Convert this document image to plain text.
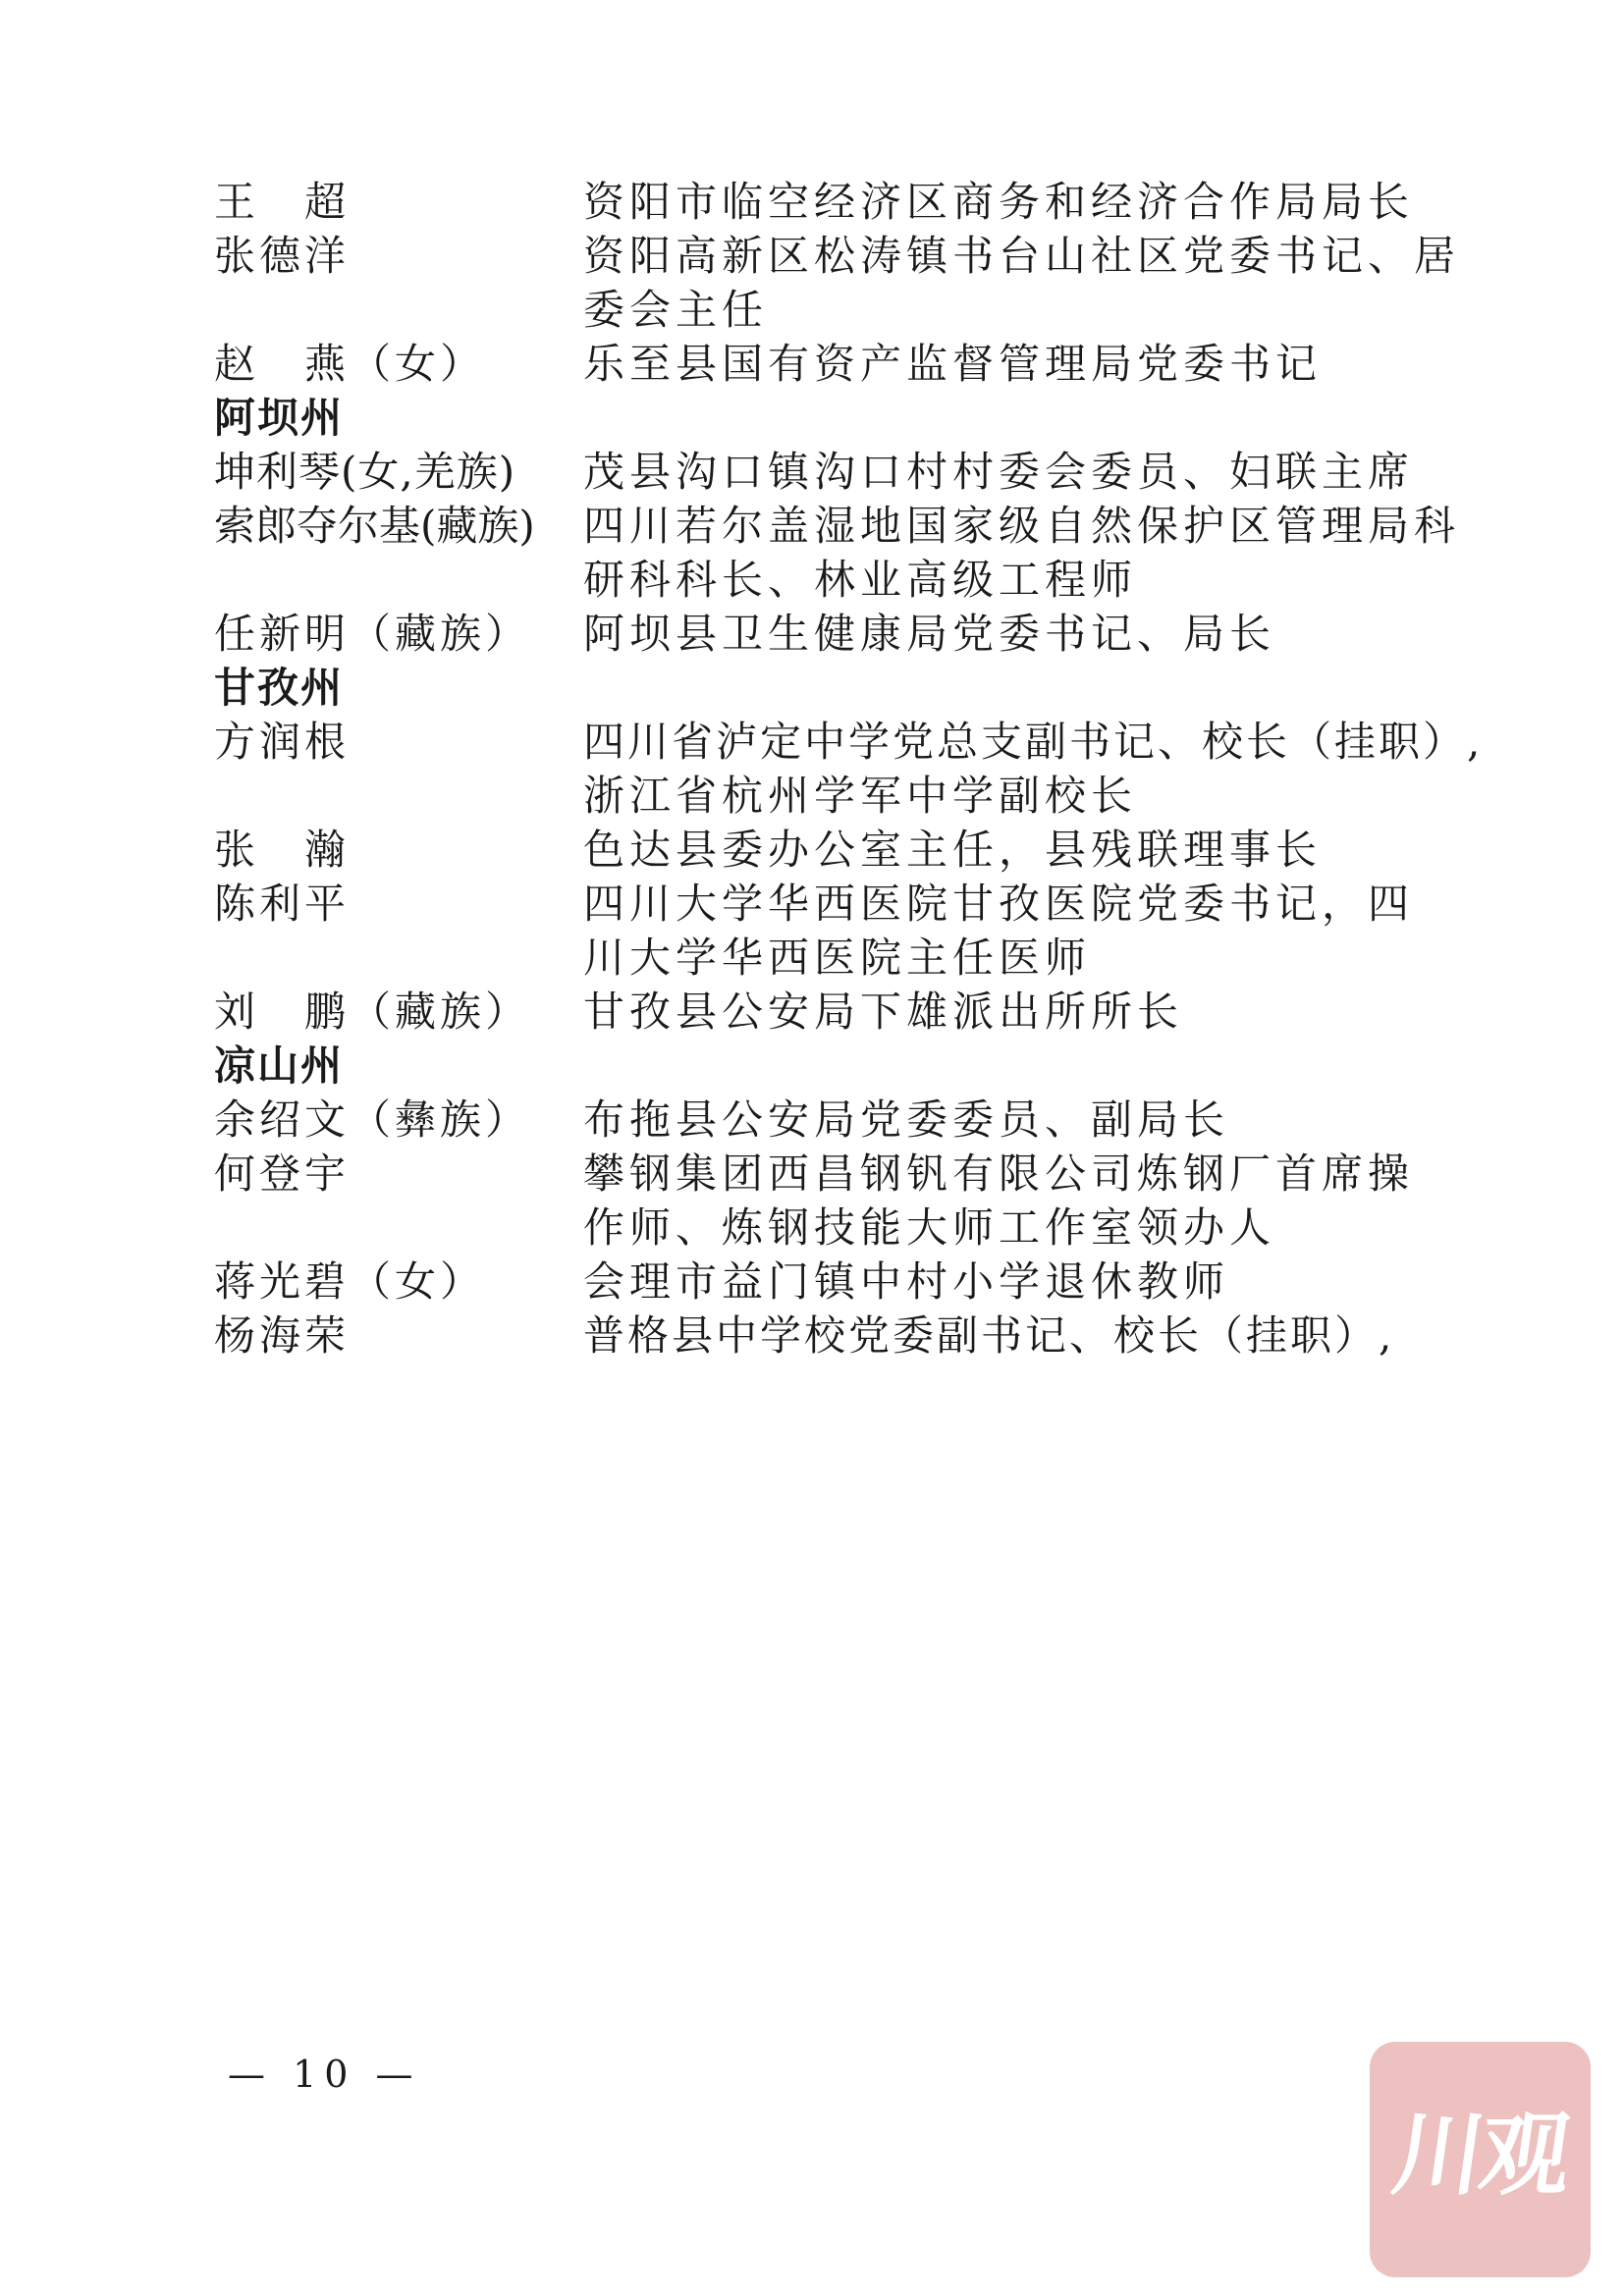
王　超	资阳市临空经济区商务和经济合作局局长
张德洋	资阳高新区松涛镇书台山社区党委书记、居
委会主任
赵　燕（女） 乐至县国有资产监督管理局党委书记
阿坝州
坤利琴(女,羌族) 茂县沟口镇沟口村村委会委员、妇联主席
索郎夺尔基(藏族) 四川若尔盖湿地国家级自然保护区管理局科
研科科长、林业高级工程师
任新明（藏族） 阿坝县卫生健康局党委书记、局长
甘孜州
方润根	四川省泸定中学党总支副书记、校长（挂职）,
浙江省杭州学军中学副校长
张　瀚	色达县委办公室主任，县残联理事长
陈利平	四川大学华西医院甘孜医院党委书记，四
川大学华西医院主任医师
刘　鹏（藏族） 甘孜县公安局下雄派出所所长
凉山州
余绍文（彝族） 布拖县公安局党委委员、副局长
何登宇	攀钢集团西昌钢钒有限公司炼钢厂首席操
作师、炼钢技能大师工作室领办人
蒋光碧（女） 会理市益门镇中村小学退休教师
杨海荣	普格县中学校党委副书记、校长（挂职）,
— 10 —
川观
